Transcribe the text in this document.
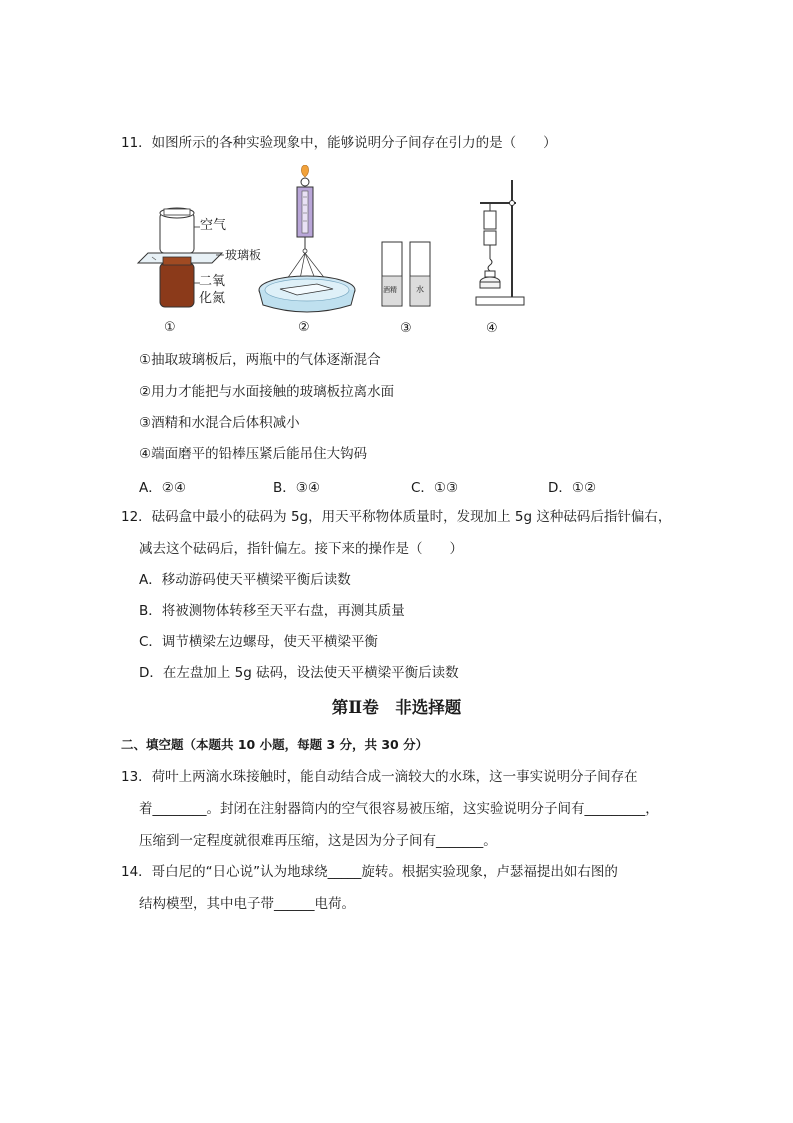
11．如图所示的各种实验现象中，能够说明分子间存在引力的是（　　）
空气
玻璃板
二氧
化氮
①	②
酒精 水
③	④
①抽取玻璃板后，两瓶中的气体逐渐混合
②用力才能把与水面接触的玻璃板拉离水面
③酒精和水混合后体积减小
④端面磨平的铅棒压紧后能吊住大钩码
A．②④	B．③④	C．①③	D．①②
12．砝码盒中最小的砝码为 5g，用天平称物体质量时，发现加上 5g 这种砝码后指针偏右，
减去这个砝码后，指针偏左。接下来的操作是（　　）
A．移动游码使天平横梁平衡后读数
B．将被测物体转移至天平右盘，再测其质量
C．调节横梁左边螺母，使天平横梁平衡
D．在左盘加上 5g 砝码，设法使天平横梁平衡后读数
第Ⅱ卷　非选择题
二、填空题（本题共 10 小题，每题 3 分，共 30 分）
13．荷叶上两滴水珠接触时，能自动结合成一滴较大的水珠，这一事实说明分子间存在
着________。封闭在注射器筒内的空气很容易被压缩，这实验说明分子间有_________，
压缩到一定程度就很难再压缩，这是因为分子间有_______。
14．哥白尼的“日心说”认为地球绕_____旋转。根据实验现象，卢瑟福提出如右图的
结构模型，其中电子带______电荷。
